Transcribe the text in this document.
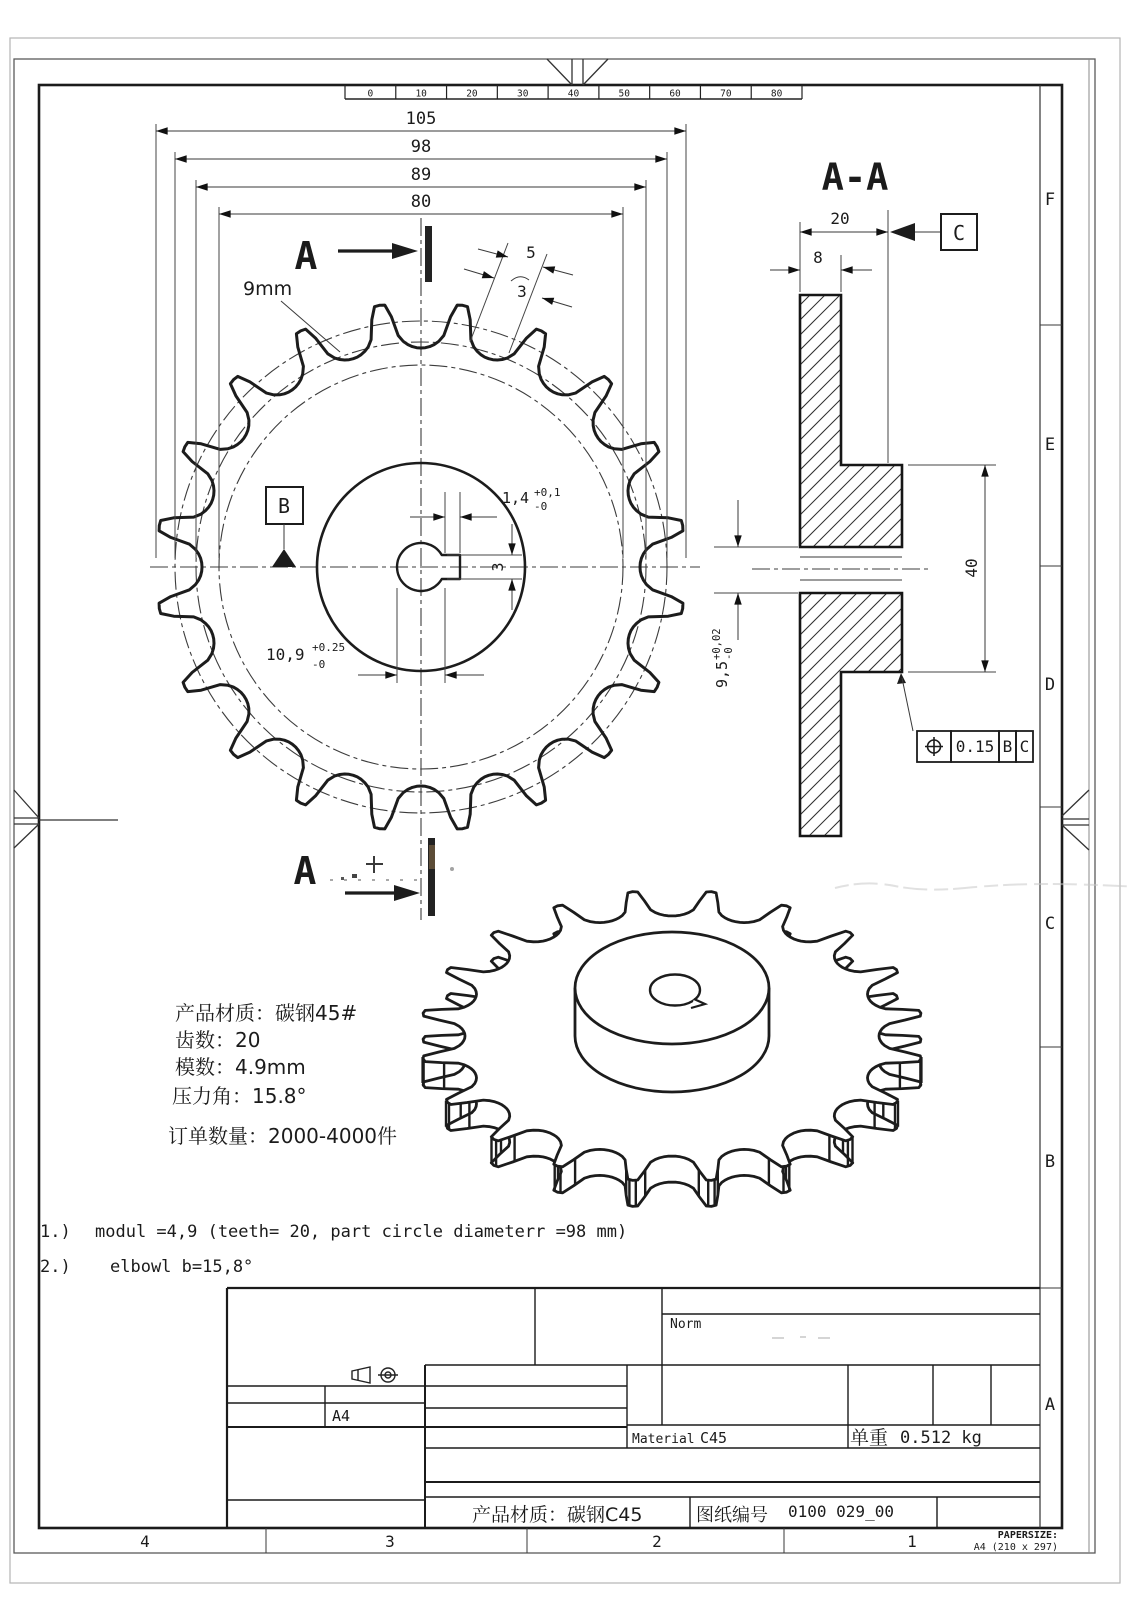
F
E
D
C
B
A
4	3	2	1
0	10	20	30	40	50	60	70	80
PAPERSIZE:
A4 (210 x 297)
105
98
89
80
5
3
9mm
B	1,4 +0,1
-0
3
10,9 +0.25
-0
A
A
A-A
20
C
8
40
9,5
+0,02 -0
0.15 B C
产品材质：碳钢45#
齿数：20
模数：4.9mm
压力角：15.8°
订单数量：2000-4000件
1.) modul =4,9 (teeth= 20, part circle diameterr =98 mm)
2.) elbowl b=15,8°
Norm
A4
Material C45	单重 0.512 kg
产品材质：碳钢C45	图纸编号 0100 029_00
